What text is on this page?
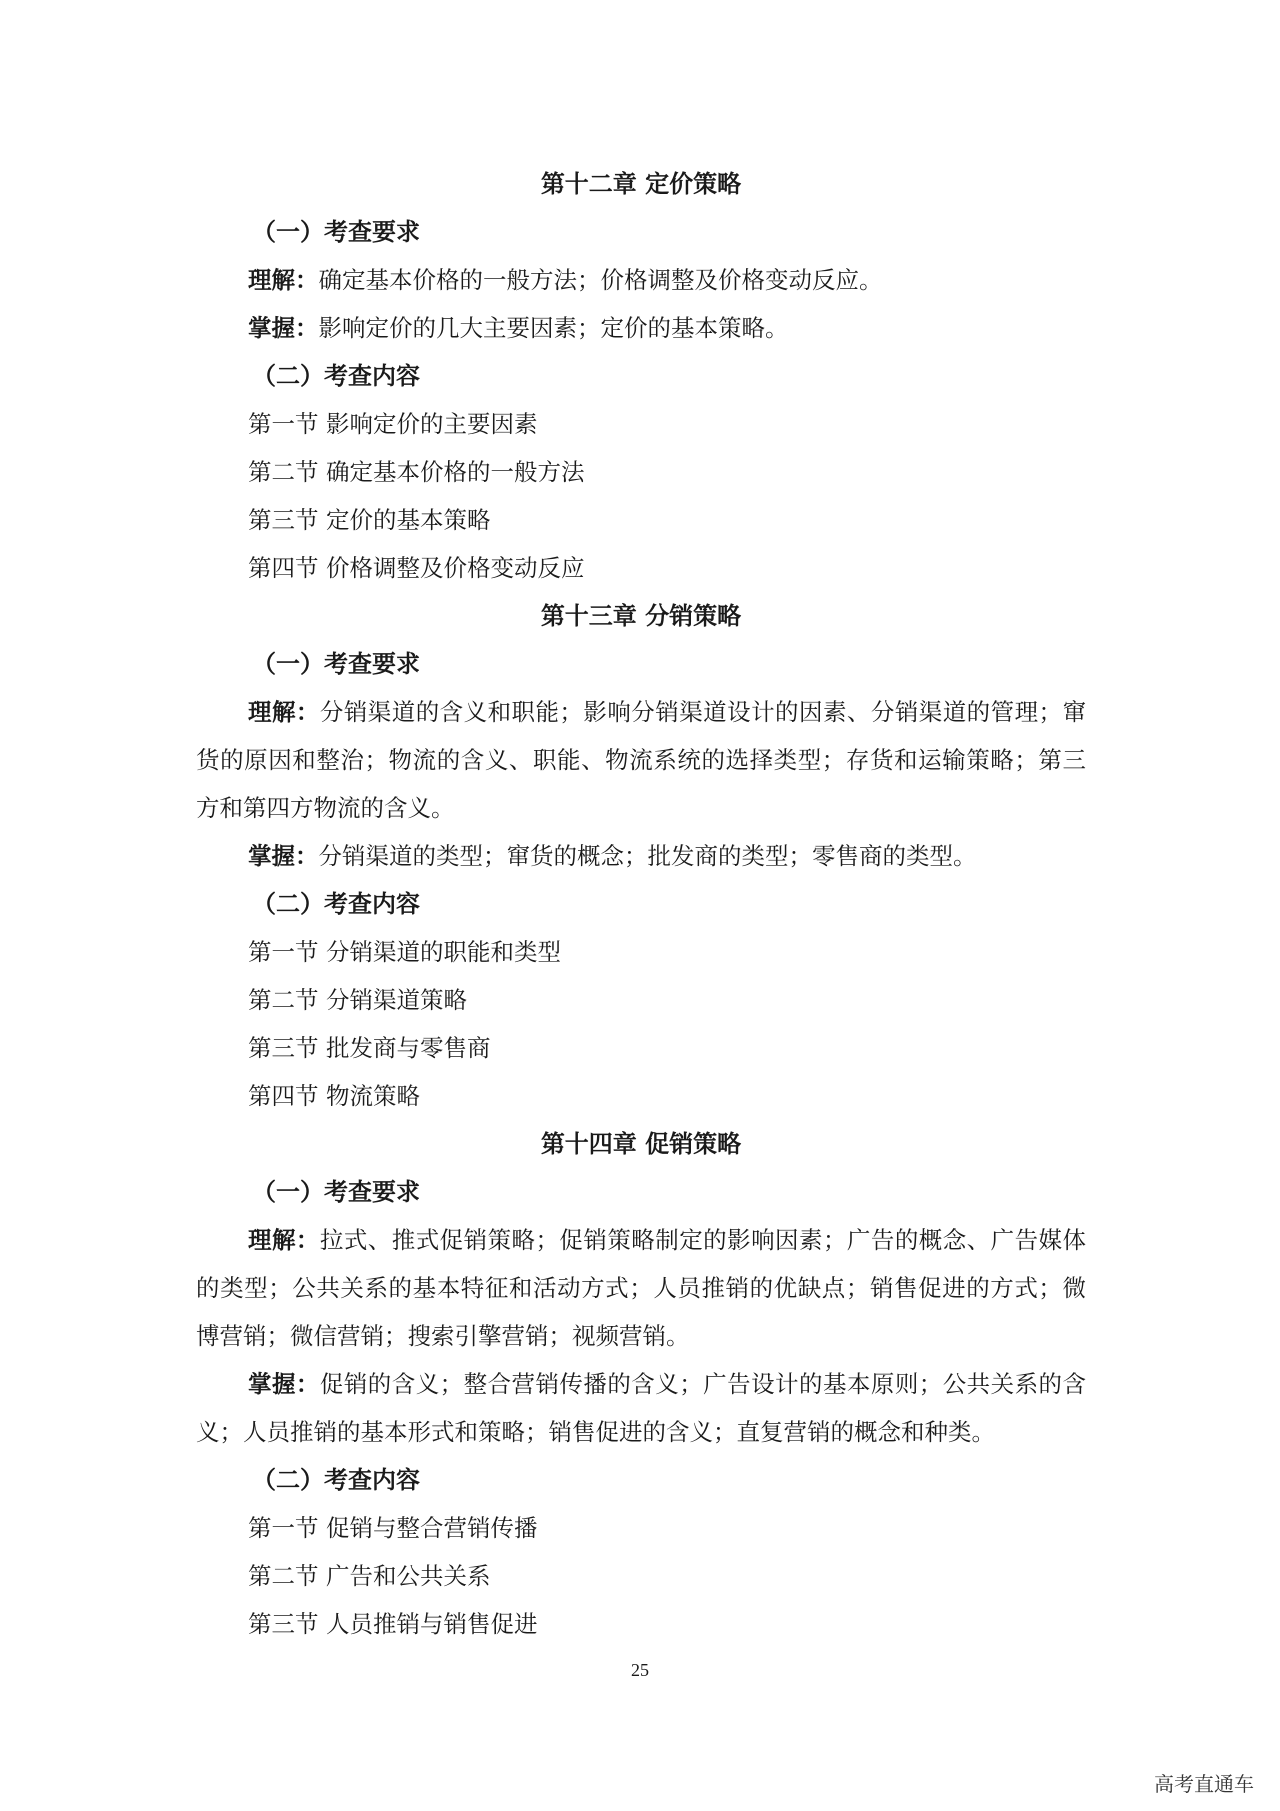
第十二章 定价策略
（一）考查要求

理解：确定基本价格的一般方法；价格调整及价格变动反应。

掌握：影响定价的几大主要因素；定价的基本策略。

（二）考查内容
第一节 影响定价的主要因素
第二节 确定基本价格的一般方法
第三节 定价的基本策略
第四节 价格调整及价格变动反应
第十三章 分销策略
（一）考查要求

理解：分销渠道的含义和职能；影响分销渠道设计的因素、分销渠道的管理；窜货的原因和整治；物流的含义、职能、物流系统的选择类型；存货和运输策略；第三方和第四方物流的含义。

掌握：分销渠道的类型；窜货的概念；批发商的类型；零售商的类型。

（二）考查内容
第一节 分销渠道的职能和类型
第二节 分销渠道策略
第三节 批发商与零售商
第四节 物流策略
第十四章 促销策略
（一）考查要求

理解：拉式、推式促销策略；促销策略制定的影响因素；广告的概念、广告媒体的类型；公共关系的基本特征和活动方式；人员推销的优缺点；销售促进的方式；微博营销；微信营销；搜索引擎营销；视频营销。

掌握：促销的含义；整合营销传播的含义；广告设计的基本原则；公共关系的含义；人员推销的基本形式和策略；销售促进的含义；直复营销的概念和种类。

（二）考查内容
第一节 促销与整合营销传播
第二节 广告和公共关系
第三节 人员推销与销售促进
25
高考直通车
